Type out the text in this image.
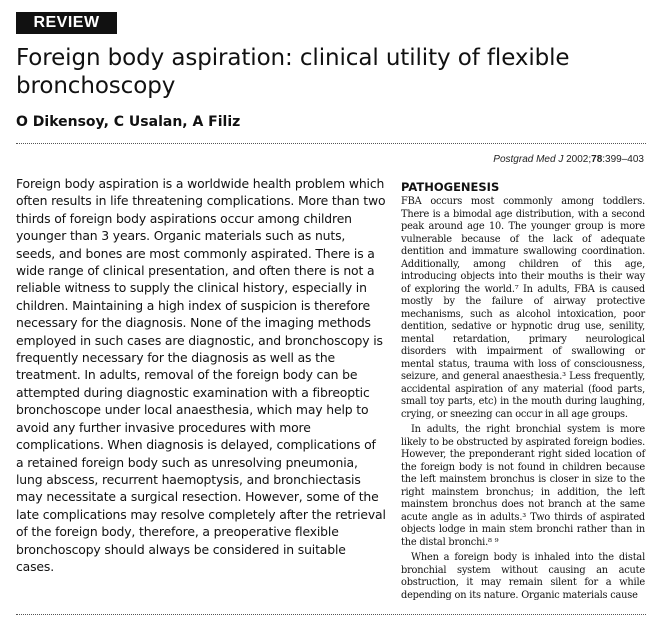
REVIEW
Foreign body aspiration: clinical utility of flexible bronchoscopy
O Dikensoy, C Usalan, A Filiz
Postgrad Med J 2002;78:399–403

Foreign body aspiration is a worldwide health problem which often results in life threatening complications. More than two thirds of foreign body aspirations occur among children younger than 3 years. Organic materials such as nuts, seeds, and bones are most commonly aspirated. There is a wide range of clinical presentation, and often there is not a reliable witness to supply the clinical history, especially in children. Maintaining a high index of suspicion is therefore necessary for the diagnosis. None of the imaging methods employed in such cases are diagnostic, and bronchoscopy is frequently necessary for the diagnosis as well as the treatment. In adults, removal of the foreign body can be attempted during diagnostic examination with a fibreoptic bronchoscope under local anaesthesia, which may help to avoid any further invasive procedures with more complications. When diagnosis is delayed, complications of a retained foreign body such as unresolving pneumonia, lung abscess, recurrent haemoptysis, and bronchiectasis may necessitate a surgical resection. However, some of the late complications may resolve completely after the retrieval of the foreign body, therefore, a preoperative flexible bronchoscopy should always be considered in suitable cases.

PATHOGENESIS

FBA occurs most commonly among toddlers. There is a bimodal age distribution, with a second peak around age 10. The younger group is more vulnerable because of the lack of adequate dentition and immature swallowing coordination. Additionally, among children of this age, introducing objects into their mouths is their way of exploring the world.⁷ In adults, FBA is caused mostly by the failure of airway protective mechanisms, such as alcohol intoxication, poor dentition, sedative or hypnotic drug use, senility, mental retardation, primary neurological disorders with impairment of swallowing or mental status, trauma with loss of consciousness, seizure, and general anaesthesia.³ Less frequently, accidental aspiration of any material (food parts, small toy parts, etc) in the mouth during laughing, crying, or sneezing can occur in all age groups.

In adults, the right bronchial system is more likely to be obstructed by aspirated foreign bodies. However, the preponderant right sided location of the foreign body is not found in children because the left mainstem bronchus is closer in size to the right mainstem bronchus; in addition, the left mainstem bronchus does not branch at the same acute angle as in adults.³ Two thirds of aspirated objects lodge in main stem bronchi rather than in the distal bronchi.⁸ ⁹

When a foreign body is inhaled into the distal bronchial system without causing an acute obstruction, it may remain silent for a while depending on its nature. Organic materials cause
